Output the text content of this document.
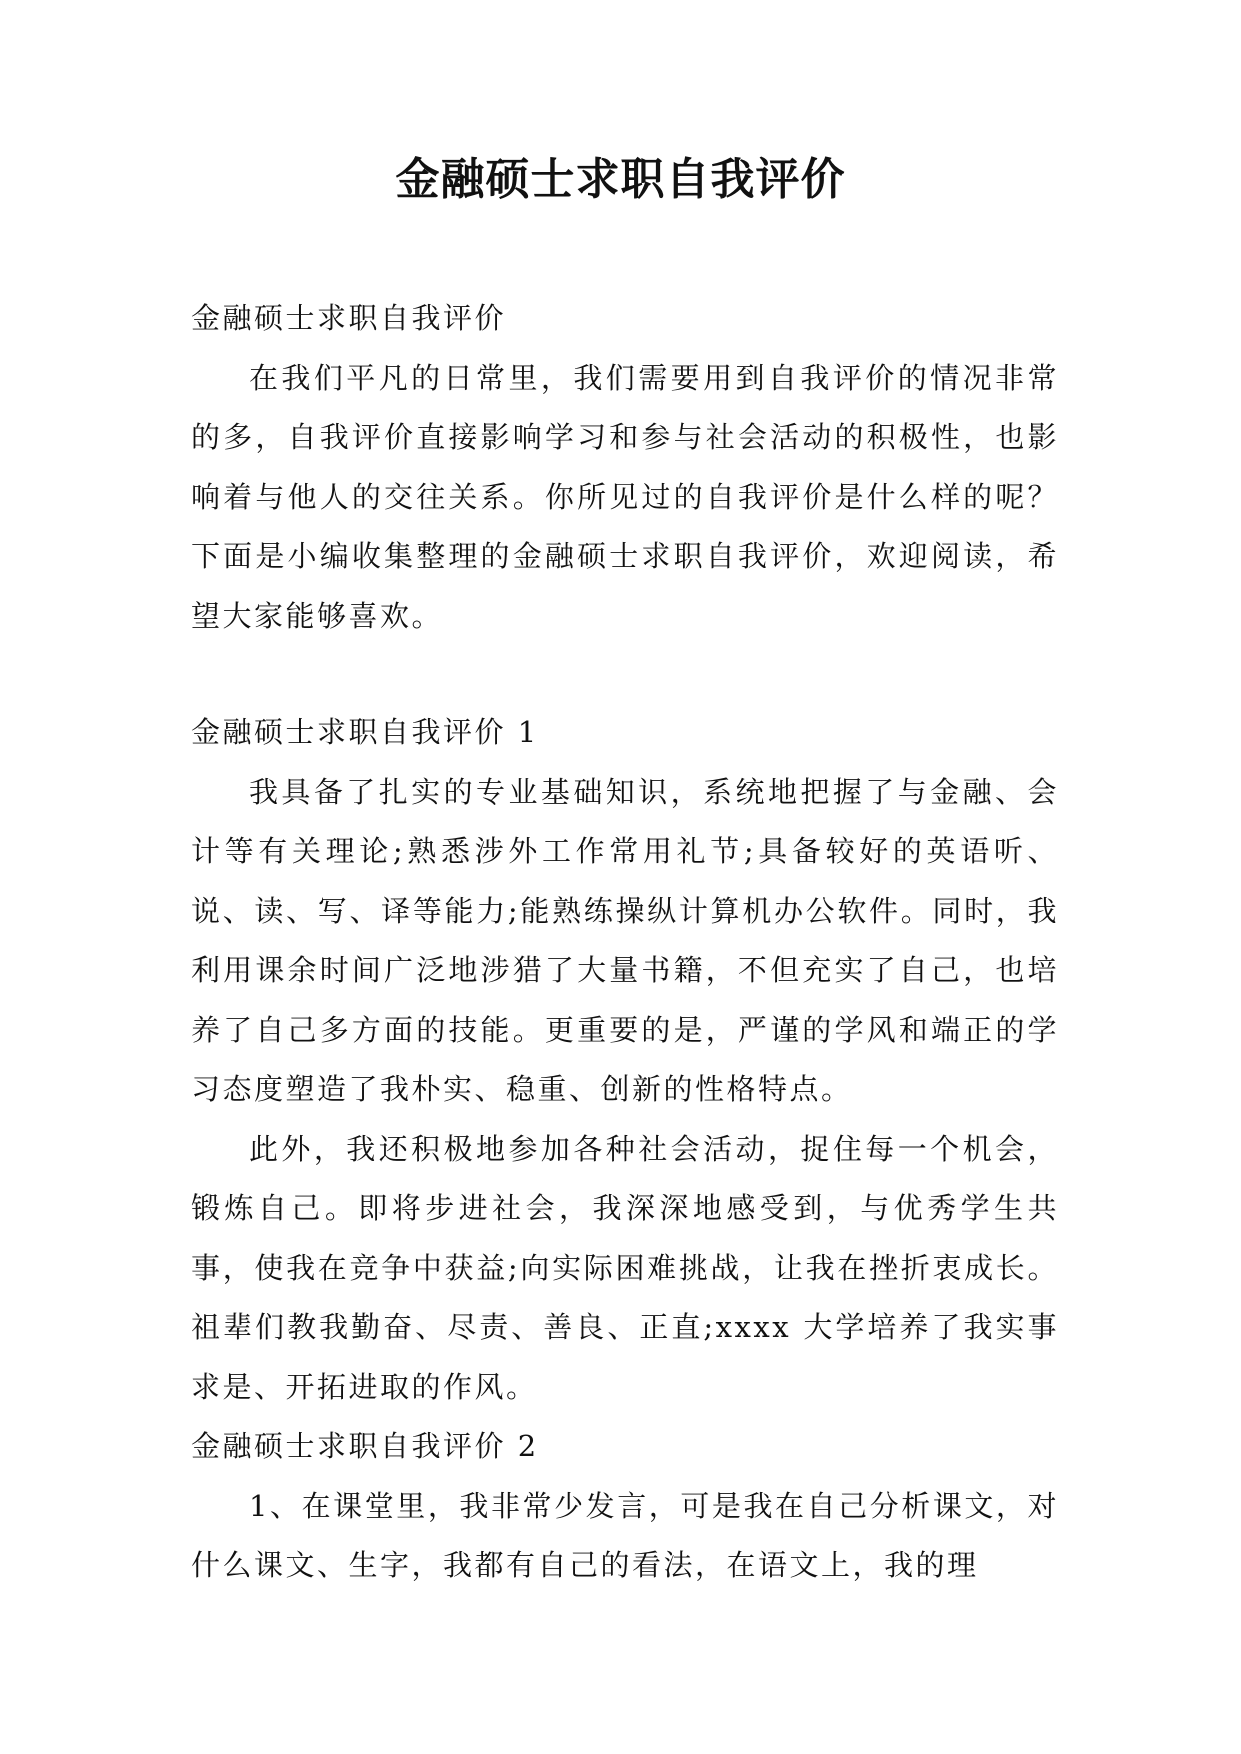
金融硕士求职自我评价

金融硕士求职自我评价

在我们平凡的日常里，我们需要用到自我评价的情况非常的多，自我评价直接影响学习和参与社会活动的积极性，也影响着与他人的交往关系。你所见过的自我评价是什么样的呢？下面是小编收集整理的金融硕士求职自我评价，欢迎阅读，希望大家能够喜欢。

金融硕士求职自我评价 1

我具备了扎实的专业基础知识，系统地把握了与金融、会计等有关理论;熟悉涉外工作常用礼节;具备较好的英语听、说、读、写、译等能力;能熟练操纵计算机办公软件。同时，我利用课余时间广泛地涉猎了大量书籍，不但充实了自己，也培养了自己多方面的技能。更重要的是，严谨的学风和端正的学习态度塑造了我朴实、稳重、创新的性格特点。

此外，我还积极地参加各种社会活动，捉住每一个机会，锻炼自己。即将步进社会，我深深地感受到，与优秀学生共事，使我在竞争中获益;向实际困难挑战，让我在挫折衷成长。祖辈们教我勤奋、尽责、善良、正直;xxxx 大学培养了我实事求是、开拓进取的作风。

金融硕士求职自我评价 2

1、在课堂里，我非常少发言，可是我在自己分析课文，对什么课文、生字，我都有自己的看法，在语文上，我的理
